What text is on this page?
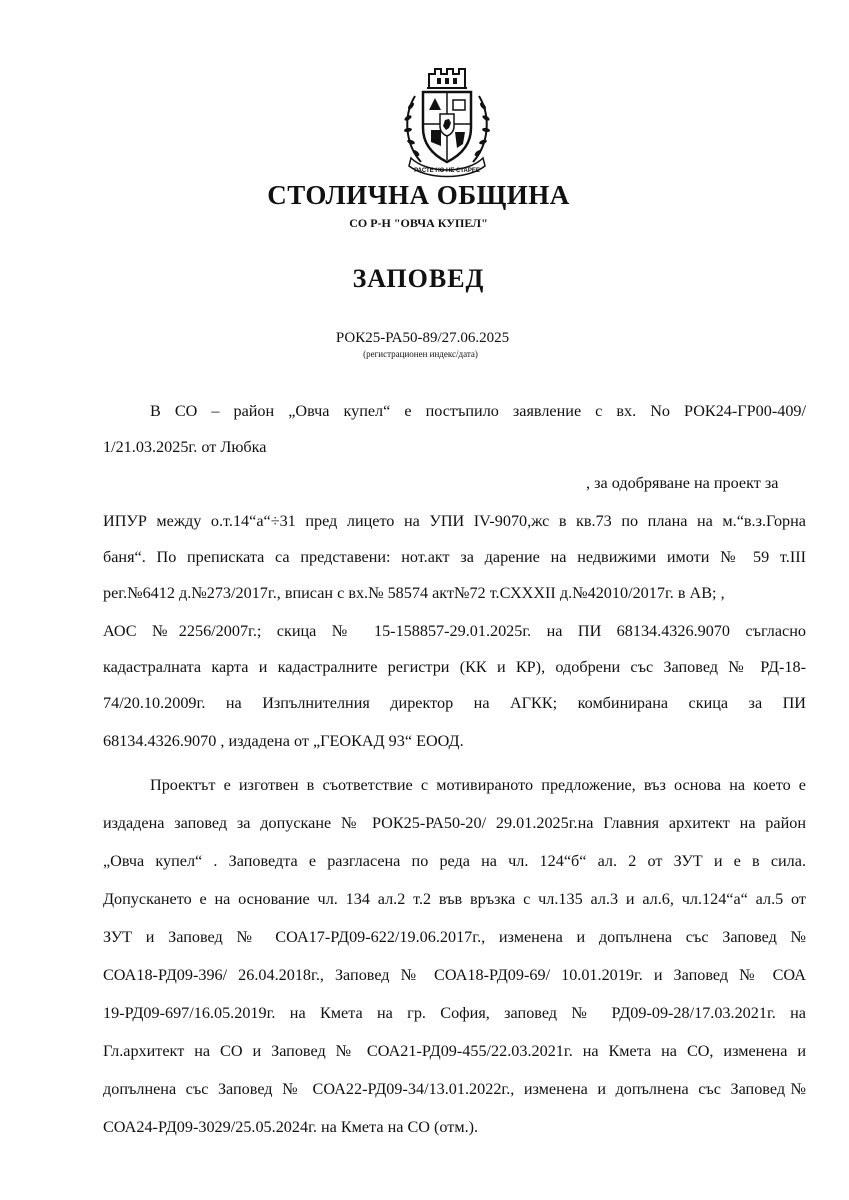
РАСТЕ НО НЕ СТАРЕЕ
СТОЛИЧНА ОБЩИНА
СО Р-Н "ОВЧА КУПЕЛ"
ЗАПОВЕД
РОК25-РА50-89/27.06.2025
(регистрационен индекс/дата)
В СО – район „Овча купел“ е постъпило заявление с вх. No РОК24-ГР00-409/
1/21.03.2025г. от Любка
, за одобряване на проект за
ИПУР между о.т.14“а“÷31 пред лицето на УПИ IV-9070,жс в кв.73 по плана на м.“в.з.Горна
баня“. По преписката са представени: нот.акт за дарение на недвижими имоти № 59 т.III
рег.№6412 д.№273/2017г., вписан с вх.№ 58574 акт№72 т.СХХХII д.№42010/2017г. в АВ; ,
АОС №2256/2007г.; скица № 15-158857-29.01.2025г. на ПИ 68134.4326.9070 съгласно
кадастралната карта и кадастралните регистри (КК и КР), одобрени със Заповед № РД-18-
74/20.10.2009г. на Изпълнителния директор на АГКК; комбинирана скица за ПИ
68134.4326.9070 , издадена от „ГЕОКАД 93“ ЕООД.
Проектът е изготвен в съответствие с мотивираното предложение, въз основа на което е
издадена заповед за допускане № РОК25-РА50-20/ 29.01.2025г.на Главния архитект на район
„Овча купел“ . Заповедта е разгласена по реда на чл. 124“б“ ал. 2 от ЗУТ и е в сила.
Допускането е на основание чл. 134 ал.2 т.2 във връзка с чл.135 ал.3 и ал.6, чл.124“а“ ал.5 от
ЗУТ и Заповед № СОА17-РД09-622/19.06.2017г., изменена и допълнена със Заповед №
СОА18-РД09-396/ 26.04.2018г., Заповед № СОА18-РД09-69/ 10.01.2019г. и Заповед № СОА
19-РД09-697/16.05.2019г. на Кмета на гр. София, заповед № РД09-09-28/17.03.2021г. на
Гл.архитект на СО и Заповед № СОА21-РД09-455/22.03.2021г. на Кмета на СО, изменена и
допълнена със Заповед № СОА22-РД09-34/13.01.2022г., изменена и допълнена със Заповед№
СОА24-РД09-3029/25.05.2024г. на Кмета на СО (отм.).
